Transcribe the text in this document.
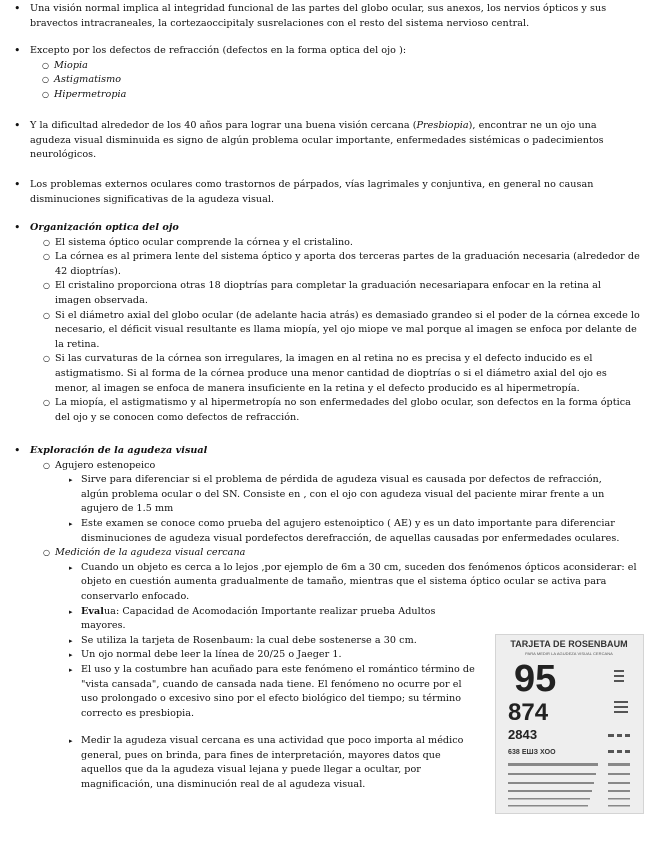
• Una visión normal implica al integridad funcional de las partes del globo ocular, sus anexos, los nervios ópticos y sus bravectos intracraneales, la cortezaoccipitaly susrelaciones con el resto del sistema nervioso central.
• Excepto por los defectos de refracción (defectos en la forma optica del ojo ):
○ Miopia
○ Astigmatismo
○ Hipermetropia
• Y la dificultad alrededor de los 40 años para lograr una buena visión cercana (Presbiopia), encontrar ne un ojo una agudeza visual disminuida es signo de algún problema ocular importante, enfermedades sistémicas o padecimientos neurológicos.
• Los problemas externos oculares como trastornos de párpados, vías lagrimales y conjuntiva, en general no causan disminuciones significativas de la agudeza visual.
• Organización optica del ojo
○ El sistema óptico ocular comprende la córnea y el cristalino.
○ La córnea es al primera lente del sistema óptico y aporta dos terceras partes de la graduación necesaria (alrededor de 42 dioptrías).
○ El cristalino proporciona otras 18 dioptrías para completar la graduación necesariapara enfocar en la retina al imagen observada.
○ Si el diámetro axial del globo ocular (de adelante hacia atrás) es demasiado grandeo si el poder de la córnea excede lo necesario, el déficit visual resultante es llama miopía, yel ojo miope ve mal porque al imagen se enfoca por delante de la retina.
○ Si las curvaturas de la córnea son irregulares, la imagen en al retina no es precisa y el defecto inducido es el astigmatismo. Si al forma de la córnea produce una menor cantidad de dioptrías o si el diámetro axial del ojo es menor, al imagen se enfoca de manera insuficiente en la retina y el defecto producido es al hipermetropía.
○ La miopía, el astigmatismo y al hipermetropía no son enfermedades del globo ocular, son defectos en la forma óptica del ojo y se conocen como defectos de refracción.
• Exploración de la agudeza visual
○ Agujero estenopeico
▸ Sirve para diferenciar si el problema de pérdida de agudeza visual es causada por defectos de refracción, algún problema ocular o del SN. Consiste en , con el ojo con agudeza visual del paciente mirar frente a un agujero de 1.5 mm
▸ Este examen se conoce como prueba del agujero estenoiptico ( AE) y es un dato importante para diferenciar disminuciones de agudeza visual pordefectos derefracción, de aquellas causadas por enfermedades oculares.
○ Medición de la agudeza visual cercana
▸ Cuando un objeto es cerca a lo lejos ,por ejemplo de 6m a 30 cm, suceden dos fenómenos ópticos aconsiderar: el objeto en cuestión aumenta gradualmente de tamaño, mientras que el sistema óptico ocular se activa para conservarlo enfocado.
▸ Evalua: Capacidad de Acomodación Importante realizar prueba Adultos mayores.
▸ Se utiliza la tarjeta de Rosenbaum: la cual debe sostenerse a 30 cm.
▸ Un ojo normal debe leer la línea de 20/25 o Jaeger 1.
▸ El uso y la costumbre han acuñado para este fenómeno el romántico término de "vista cansada", cuando de cansada nada tiene. El fenómeno no ocurre por el uso prolongado o excesivo sino por el efecto biológico del tiempo; su término correcto es presbiopia.
▸ Medir la agudeza visual cercana es una actividad que poco importa al médico general, pues on brinda, para fines de interpretación, mayores datos que aquellos que da la agudeza visual lejana y puede llegar a ocultar, por magnificación, una disminución real de al agudeza visual.
TARJETA DE ROSENBAUM
PARA MEDIR LA AGUDEZA VISUAL CERCANA
95
874
2843
638 ЕШЗ ХОО
